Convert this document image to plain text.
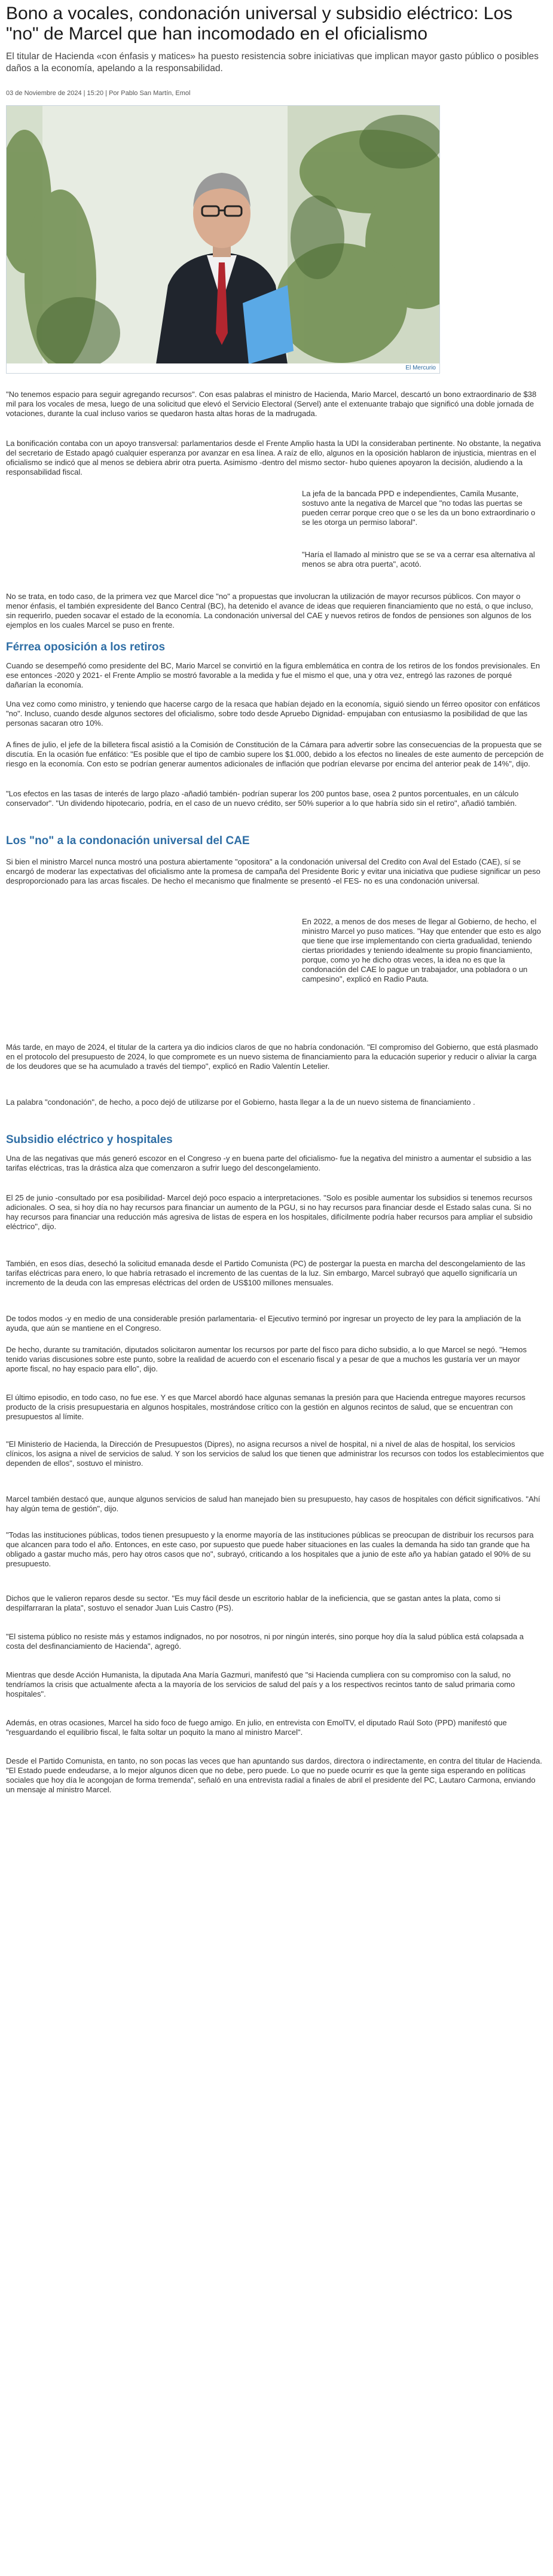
Bono a vocales, condonación universal y subsidio eléctrico: Los "no" de Marcel que han incomodado en el oficialismo

El titular de Hacienda «con énfasis y matices» ha puesto resistencia sobre iniciativas que implican mayor gasto público o posibles daños a la economía, apelando a la responsabilidad.

03 de Noviembre de 2024 | 15:20 | Por Pablo San Martín, Emol

El Mercurio

"No tenemos espacio para seguir agregando recursos". Con esas palabras el ministro de Hacienda, Mario Marcel, descartó un bono extraordinario de $38 mil para los vocales de mesa, luego de una solicitud que elevó el Servicio Electoral (Servel) ante el extenuante trabajo que significó una doble jornada de votaciones, durante la cual incluso varios se quedaron hasta altas horas de la madrugada.

La bonificación contaba con un apoyo transversal: parlamentarios desde el Frente Amplio hasta la UDI la consideraban pertinente. No obstante, la negativa del secretario de Estado apagó cualquier esperanza por avanzar en esa línea. A raíz de ello, algunos en la oposición hablaron de injusticia, mientras en el oficialismo se indicó que al menos se debiera abrir otra puerta. Asimismo -dentro del mismo sector- hubo quienes apoyaron la decisión, aludiendo a la responsabilidad fiscal.

La jefa de la bancada PPD e independientes, Camila Musante, sostuvo ante la negativa de Marcel que "no todas las puertas se pueden cerrar porque creo que o se les da un bono extraordinario o se les otorga un permiso laboral".

"Haría el llamado al ministro que se se va a cerrar esa alternativa al menos se abra otra puerta", acotó.

No se trata, en todo caso, de la primera vez que Marcel dice "no" a propuestas que involucran la utilización de mayor recursos públicos. Con mayor o menor énfasis, el también expresidente del Banco Central (BC), ha detenido el avance de ideas que requieren financiamiento que no está, o que incluso, sin requerirlo, pueden socavar el estado de la economía. La condonación universal del CAE y nuevos retiros de fondos de pensiones son algunos de los ejemplos en los cuales Marcel se puso en frente.

Férrea oposición a los retiros

Cuando se desempeñó como presidente del BC, Mario Marcel se convirtió en la figura emblemática en contra de los retiros de los fondos previsionales. En ese entonces -2020 y 2021- el Frente Amplio se mostró favorable a la medida y fue el mismo el que, una y otra vez, entregó las razones de porqué dañarían la economía.

Una vez como como ministro, y teniendo que hacerse cargo de la resaca que habían dejado en la economía, siguió siendo un férreo opositor con enfáticos "no". Incluso, cuando desde algunos sectores del oficialismo, sobre todo desde Apruebo Dignidad- empujaban con entusiasmo la posibilidad de que las personas sacaran otro 10%.

A fines de julio, el jefe de la billetera fiscal asistió a la Comisión de Constitución de la Cámara para advertir sobre las consecuencias de la propuesta que se discutía. En la ocasión fue enfático: "Es posible que el tipo de cambio supere los $1.000, debido a los efectos no lineales de este aumento de percepción de riesgo en la economía. Con esto se podrían generar aumentos adicionales de inflación que podrían elevarse por encima del anterior peak de 14%", dijo.

"Los efectos en las tasas de interés de largo plazo -añadió también- podrían superar los 200 puntos base, osea 2 puntos porcentuales, en un cálculo conservador". "Un dividendo hipotecario, podría, en el caso de un nuevo crédito, ser 50% superior a lo que habría sido sin el retiro", añadió también.

Los "no" a la condonación universal del CAE

Si bien el ministro Marcel nunca mostró una postura abiertamente "opositora" a la condonación universal del Credito con Aval del Estado (CAE), sí se encargó de moderar las expectativas del oficialismo ante la promesa de campaña del Presidente Boric y evitar una iniciativa que pudiese significar un peso desproporcionado para las arcas fiscales. De hecho el mecanismo que finalmente se presentó -el FES- no es una condonación universal.

En 2022, a menos de dos meses de llegar al Gobierno, de hecho, el ministro Marcel yo puso matices. "Hay que entender que esto es algo que tiene que irse implementando con cierta gradualidad, teniendo ciertas prioridades y teniendo idealmente su propio financiamiento, porque, como yo he dicho otras veces, la idea no es que la condonación del CAE lo pague un trabajador, una pobladora o un campesino", explicó en Radio Pauta.

Más tarde, en mayo de 2024, el titular de la cartera ya dio indicios claros de que no habría condonación. "El compromiso del Gobierno, que está plasmado en el protocolo del presupuesto de 2024, lo que compromete es un nuevo sistema de financiamiento para la educación superior y reducir o aliviar la carga de los deudores que se ha acumulado a través del tiempo", explicó en Radio Valentín Letelier.

La palabra "condonación", de hecho, a poco dejó de utilizarse por el Gobierno, hasta llegar a la de un nuevo sistema de financiamiento .

Subsidio eléctrico y hospitales

Una de las negativas que más generó escozor en el Congreso -y en buena parte del oficialismo- fue la negativa del ministro a aumentar el subsidio a las tarifas eléctricas, tras la drástica alza que comenzaron a sufrir luego del descongelamiento.

El 25 de junio -consultado por esa posibilidad- Marcel dejó poco espacio a interpretaciones. "Solo es posible aumentar los subsidios si tenemos recursos adicionales. O sea, si hoy día no hay recursos para financiar un aumento de la PGU, si no hay recursos para financiar desde el Estado salas cuna. Si no hay recursos para financiar una reducción más agresiva de listas de espera en los hospitales, difícilmente podría haber recursos para ampliar el subsidio eléctrico", dijo.

También, en esos días, desechó la solicitud emanada desde el Partido Comunista (PC) de postergar la puesta en marcha del descongelamiento de las tarifas eléctricas para enero, lo que habría retrasado el incremento de las cuentas de la luz. Sin embargo, Marcel subrayó que aquello significaría un incremento de la deuda con las empresas eléctricas del orden de US$100 millones mensuales.

De todos modos -y en medio de una considerable presión parlamentaria- el Ejecutivo terminó por ingresar un proyecto de ley para la ampliación de la ayuda, que aún se mantiene en el Congreso.

De hecho, durante su tramitación, diputados solicitaron aumentar los recursos por parte del fisco para dicho subsidio, a lo que Marcel se negó. "Hemos tenido varias discusiones sobre este punto, sobre la realidad de acuerdo con el escenario fiscal y a pesar de que a muchos les gustaría ver un mayor aporte fiscal, no hay espacio para ello", dijo.

El último episodio, en todo caso, no fue ese. Y es que Marcel abordó hace algunas semanas la presión para que Hacienda entregue mayores recursos producto de la crisis presupuestaria en algunos hospitales, mostrándose crítico con la gestión en algunos recintos de salud, que se encuentran con presupuestos al límite.

"El Ministerio de Hacienda, la Dirección de Presupuestos (Dipres), no asigna recursos a nivel de hospital, ni a nivel de alas de hospital, los servicios clínicos, los asigna a nivel de servicios de salud. Y son los servicios de salud los que tienen que administrar los recursos con todos los establecimientos que dependen de ellos", sostuvo el ministro.

Marcel también destacó que, aunque algunos servicios de salud han manejado bien su presupuesto, hay casos de hospitales con déficit significativos. "Ahí hay algún tema de gestión", dijo.

"Todas las instituciones públicas, todos tienen presupuesto y la enorme mayoría de las instituciones públicas se preocupan de distribuir los recursos para que alcancen para todo el año. Entonces, en este caso, por supuesto que puede haber situaciones en las cuales la demanda ha sido tan grande que ha obligado a gastar mucho más, pero hay otros casos que no", subrayó, criticando a los hospitales que a junio de este año ya habían gatado el 90% de su presupuesto.

Dichos que le valieron reparos desde su sector. "Es muy fácil desde un escritorio hablar de la ineficiencia, que se gastan antes la plata, como si despilfarraran la plata", sostuvo el senador Juan Luis Castro (PS).

"El sistema público no resiste más y estamos indignados, no por nosotros, ni por ningún interés, sino porque hoy día la salud pública está colapsada a costa del desfinanciamiento de Hacienda", agregó.

Mientras que desde Acción Humanista, la diputada Ana María Gazmuri, manifestó que "si Hacienda cumpliera con su compromiso con la salud, no tendríamos la crisis que actualmente afecta a la mayoría de los servicios de salud del país y a los respectivos recintos tanto de salud primaria como hospitales".

Además, en otras ocasiones, Marcel ha sido foco de fuego amigo. En julio, en entrevista con EmolTV, el diputado Raúl Soto (PPD) manifestó que "resguardando el equilibrio fiscal, le falta soltar un poquito la mano al ministro Marcel".

Desde el Partido Comunista, en tanto, no son pocas las veces que han apuntando sus dardos, directora o indirectamente, en contra del titular de Hacienda. "El Estado puede endeudarse, a lo mejor algunos dicen que no debe, pero puede. Lo que no puede ocurrir es que la gente siga esperando en políticas sociales que hoy día le acongojan de forma tremenda", señaló en una entrevista radial a finales de abril el presidente del PC, Lautaro Carmona, enviando un mensaje al ministro Marcel.
